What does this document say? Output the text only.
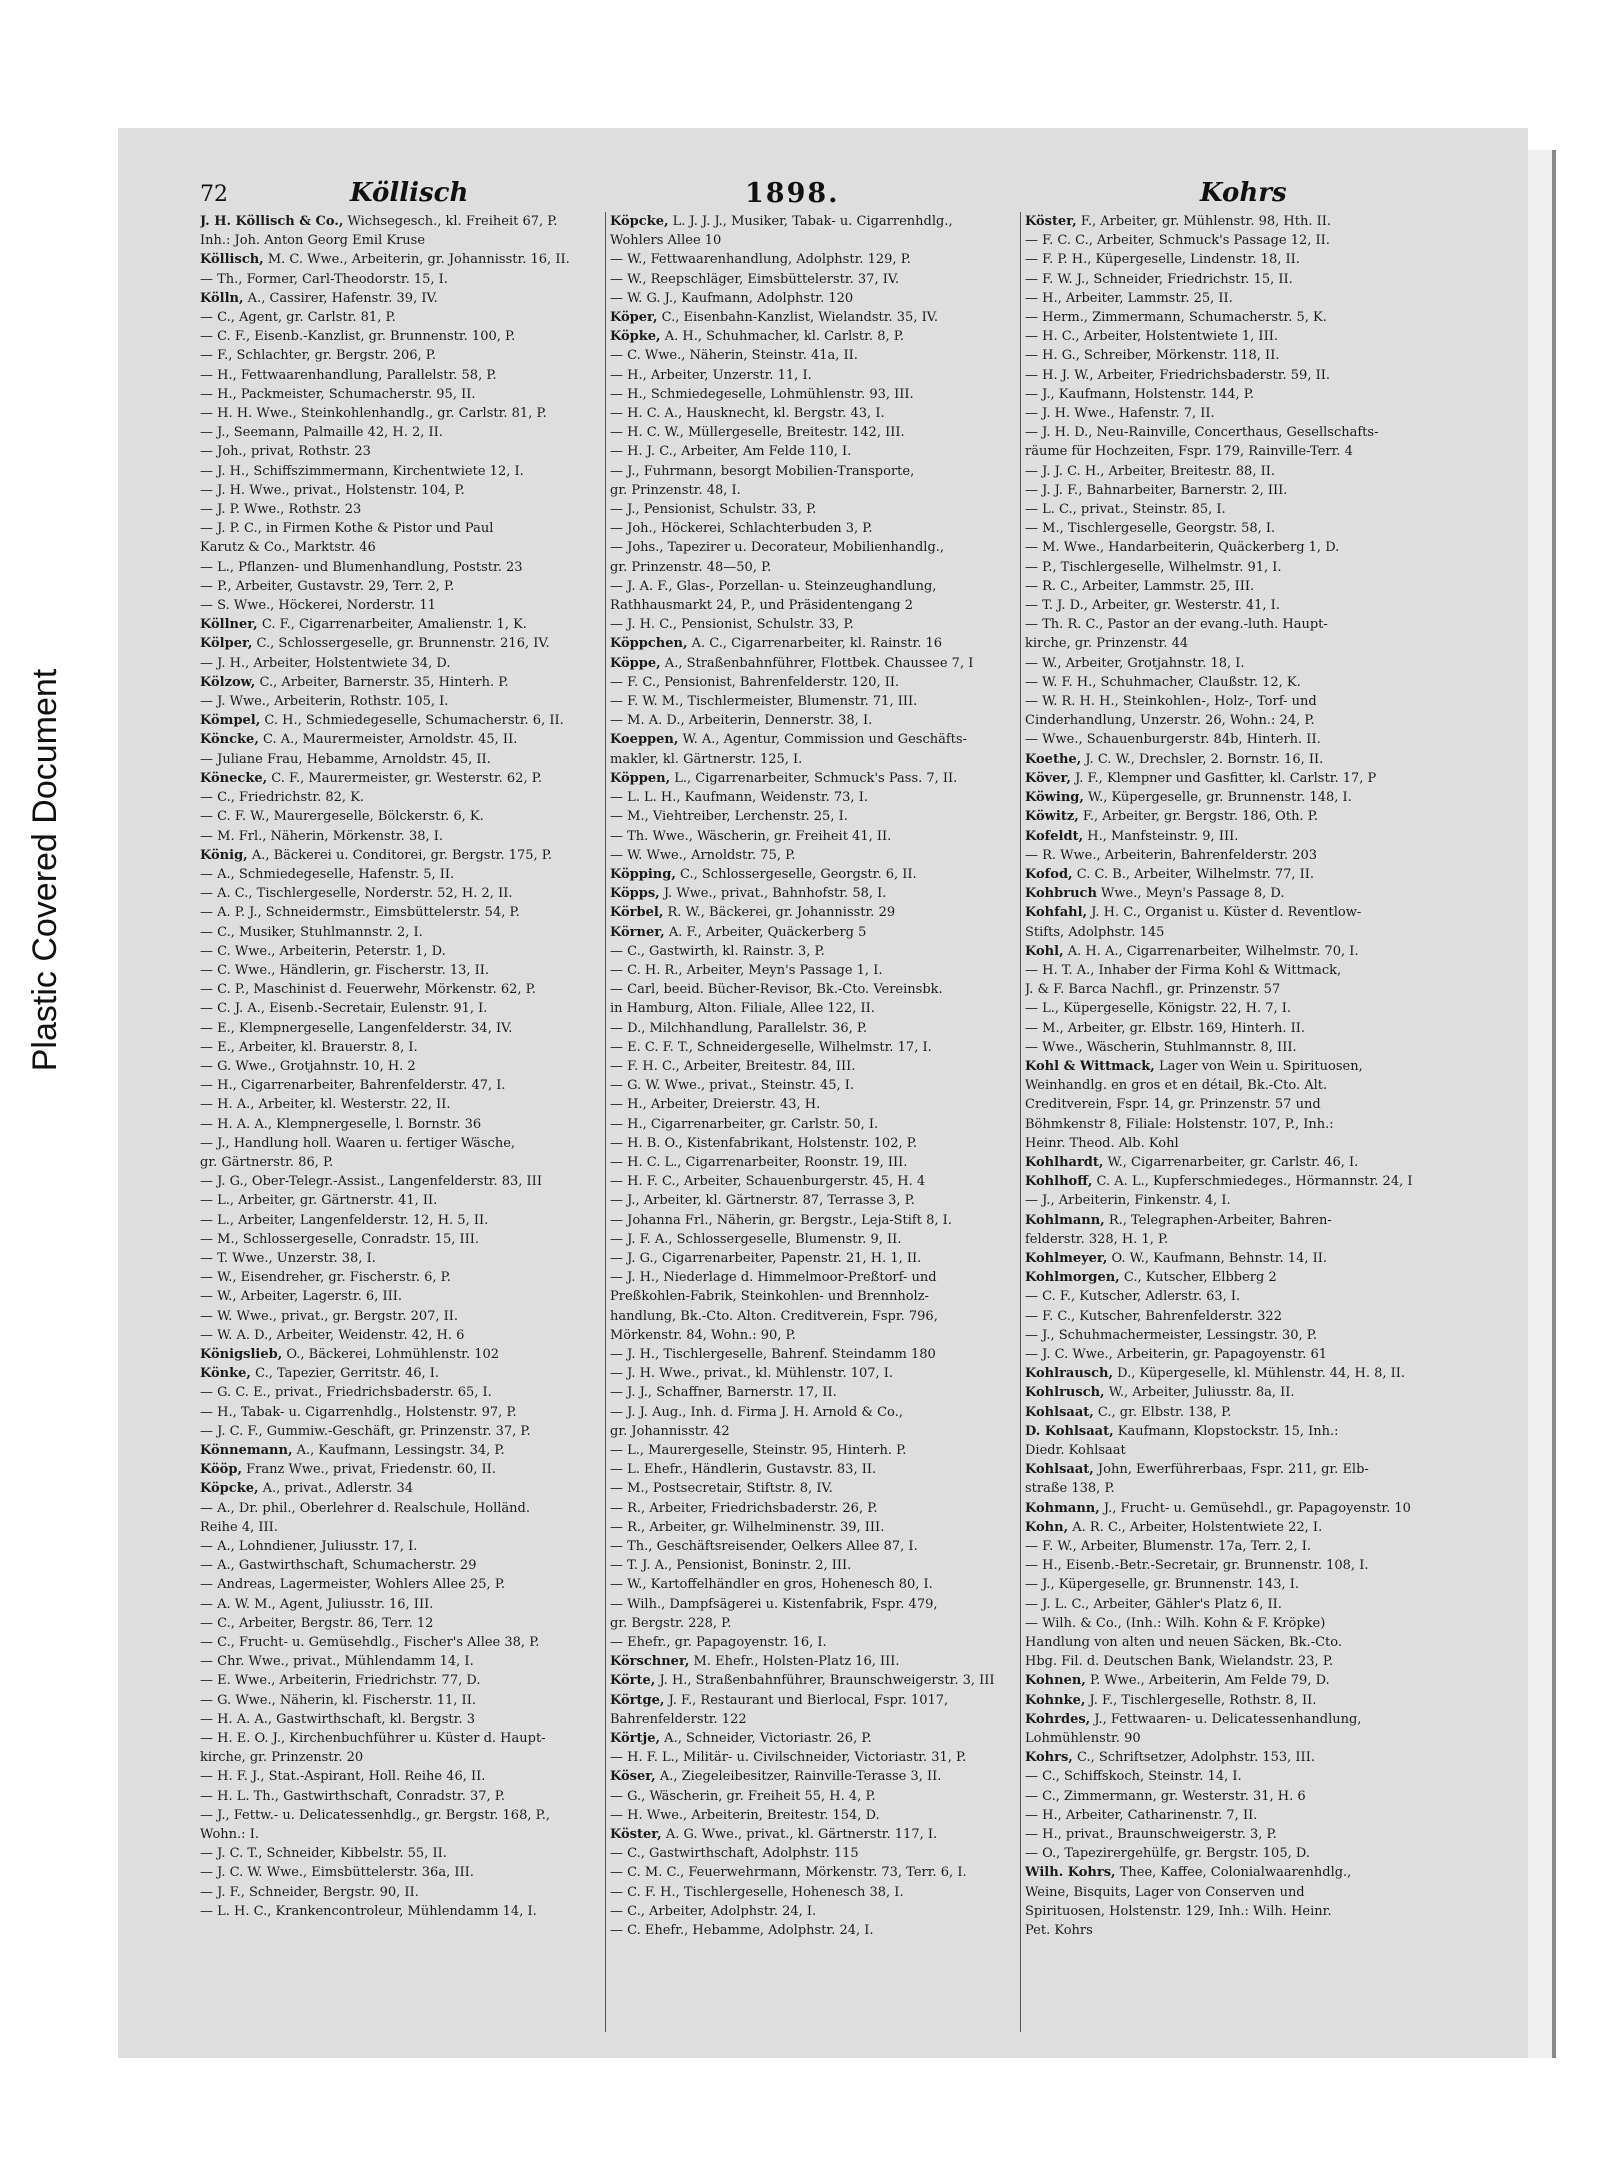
Plastic Covered Document
72	Köllisch	1898.	Kohrs
J. H. Köllisch & Co., Wichsegesch., kl. Freiheit 67, P.
Inh.: Joh. Anton Georg Emil Kruse
Köllisch, M. C. Wwe., Arbeiterin, gr. Johannisstr. 16, II.
— Th., Former, Carl-Theodorstr. 15, I.
Kölln, A., Cassirer, Hafenstr. 39, IV.
— C., Agent, gr. Carlstr. 81, P.
— C. F., Eisenb.-Kanzlist, gr. Brunnenstr. 100, P.
— F., Schlachter, gr. Bergstr. 206, P.
— H., Fettwaarenhandlung, Parallelstr. 58, P.
— H., Packmeister, Schumacherstr. 95, II.
— H. H. Wwe., Steinkohlenhandlg., gr. Carlstr. 81, P.
— J., Seemann, Palmaille 42, H. 2, II.
— Joh., privat, Rothstr. 23
— J. H., Schiffszimmermann, Kirchentwiete 12, I.
— J. H. Wwe., privat., Holstenstr. 104, P.
— J. P. Wwe., Rothstr. 23
— J. P. C., in Firmen Kothe & Pistor und Paul
Karutz & Co., Marktstr. 46
— L., Pflanzen- und Blumenhandlung, Poststr. 23
— P., Arbeiter, Gustavstr. 29, Terr. 2, P.
— S. Wwe., Höckerei, Norderstr. 11
Köllner, C. F., Cigarrenarbeiter, Amalienstr. 1, K.
Kölper, C., Schlossergeselle, gr. Brunnenstr. 216, IV.
— J. H., Arbeiter, Holstentwiete 34, D.
Kölzow, C., Arbeiter, Barnerstr. 35, Hinterh. P.
— J. Wwe., Arbeiterin, Rothstr. 105, I.
Kömpel, C. H., Schmiedegeselle, Schumacherstr. 6, II.
Köncke, C. A., Maurermeister, Arnoldstr. 45, II.
— Juliane Frau, Hebamme, Arnoldstr. 45, II.
Könecke, C. F., Maurermeister, gr. Westerstr. 62, P.
— C., Friedrichstr. 82, K.
— C. F. W., Maurergeselle, Bölckerstr. 6, K.
— M. Frl., Näherin, Mörkenstr. 38, I.
König, A., Bäckerei u. Conditorei, gr. Bergstr. 175, P.
— A., Schmiedegeselle, Hafenstr. 5, II.
— A. C., Tischlergeselle, Norderstr. 52, H. 2, II.
— A. P. J., Schneidermstr., Eimsbüttelerstr. 54, P.
— C., Musiker, Stuhlmannstr. 2, I.
— C. Wwe., Arbeiterin, Peterstr. 1, D.
— C. Wwe., Händlerin, gr. Fischerstr. 13, II.
— C. P., Maschinist d. Feuerwehr, Mörkenstr. 62, P.
— C. J. A., Eisenb.-Secretair, Eulenstr. 91, I.
— E., Klempnergeselle, Langenfelderstr. 34, IV.
— E., Arbeiter, kl. Brauerstr. 8, I.
— G. Wwe., Grotjahnstr. 10, H. 2
— H., Cigarrenarbeiter, Bahrenfelderstr. 47, I.
— H. A., Arbeiter, kl. Westerstr. 22, II.
— H. A. A., Klempnergeselle, l. Bornstr. 36
— J., Handlung holl. Waaren u. fertiger Wäsche,
gr. Gärtnerstr. 86, P.
— J. G., Ober-Telegr.-Assist., Langenfelderstr. 83, III
— L., Arbeiter, gr. Gärtnerstr. 41, II.
— L., Arbeiter, Langenfelderstr. 12, H. 5, II.
— M., Schlossergeselle, Conradstr. 15, III.
— T. Wwe., Unzerstr. 38, I.
— W., Eisendreher, gr. Fischerstr. 6, P.
— W., Arbeiter, Lagerstr. 6, III.
— W. Wwe., privat., gr. Bergstr. 207, II.
— W. A. D., Arbeiter, Weidenstr. 42, H. 6
Königslieb, O., Bäckerei, Lohmühlenstr. 102
Könke, C., Tapezier, Gerritstr. 46, I.
— G. C. E., privat., Friedrichsbaderstr. 65, I.
— H., Tabak- u. Cigarrenhdlg., Holstenstr. 97, P.
— J. C. F., Gummiw.-Geschäft, gr. Prinzenstr. 37, P.
Könnemann, A., Kaufmann, Lessingstr. 34, P.
Kööp, Franz Wwe., privat, Friedenstr. 60, II.
Köpcke, A., privat., Adlerstr. 34
— A., Dr. phil., Oberlehrer d. Realschule, Holländ.
Reihe 4, III.
— A., Lohndiener, Juliusstr. 17, I.
— A., Gastwirthschaft, Schumacherstr. 29
— Andreas, Lagermeister, Wohlers Allee 25, P.
— A. W. M., Agent, Juliusstr. 16, III.
— C., Arbeiter, Bergstr. 86, Terr. 12
— C., Frucht- u. Gemüsehdlg., Fischer's Allee 38, P.
— Chr. Wwe., privat., Mühlendamm 14, I.
— E. Wwe., Arbeiterin, Friedrichstr. 77, D.
— G. Wwe., Näherin, kl. Fischerstr. 11, II.
— H. A. A., Gastwirthschaft, kl. Bergstr. 3
— H. E. O. J., Kirchenbuchführer u. Küster d. Haupt-
kirche, gr. Prinzenstr. 20
— H. F. J., Stat.-Aspirant, Holl. Reihe 46, II.
— H. L. Th., Gastwirthschaft, Conradstr. 37, P.
— J., Fettw.- u. Delicatessenhdlg., gr. Bergstr. 168, P.,
Wohn.: I.
— J. C. T., Schneider, Kibbelstr. 55, II.
— J. C. W. Wwe., Eimsbüttelerstr. 36a, III.
— J. F., Schneider, Bergstr. 90, II.
— L. H. C., Krankencontroleur, Mühlendamm 14, I.
Köpcke, L. J. J. J., Musiker, Tabak- u. Cigarrenhdlg.,
Wohlers Allee 10
— W., Fettwaarenhandlung, Adolphstr. 129, P.
— W., Reepschläger, Eimsbüttelerstr. 37, IV.
— W. G. J., Kaufmann, Adolphstr. 120
Köper, C., Eisenbahn-Kanzlist, Wielandstr. 35, IV.
Köpke, A. H., Schuhmacher, kl. Carlstr. 8, P.
— C. Wwe., Näherin, Steinstr. 41a, II.
— H., Arbeiter, Unzerstr. 11, I.
— H., Schmiedegeselle, Lohmühlenstr. 93, III.
— H. C. A., Hausknecht, kl. Bergstr. 43, I.
— H. C. W., Müllergeselle, Breitestr. 142, III.
— H. J. C., Arbeiter, Am Felde 110, I.
— J., Fuhrmann, besorgt Mobilien-Transporte,
gr. Prinzenstr. 48, I.
— J., Pensionist, Schulstr. 33, P.
— Joh., Höckerei, Schlachterbuden 3, P.
— Johs., Tapezirer u. Decorateur, Mobilienhandlg.,
gr. Prinzenstr. 48—50, P.
— J. A. F., Glas-, Porzellan- u. Steinzeughandlung,
Rathhausmarkt 24, P., und Präsidentengang 2
— J. H. C., Pensionist, Schulstr. 33, P.
Köppchen, A. C., Cigarrenarbeiter, kl. Rainstr. 16
Köppe, A., Straßenbahnführer, Flottbek. Chaussee 7, I
— F. C., Pensionist, Bahrenfelderstr. 120, II.
— F. W. M., Tischlermeister, Blumenstr. 71, III.
— M. A. D., Arbeiterin, Dennerstr. 38, I.
Koeppen, W. A., Agentur, Commission und Geschäfts-
makler, kl. Gärtnerstr. 125, I.
Köppen, L., Cigarrenarbeiter, Schmuck's Pass. 7, II.
— L. L. H., Kaufmann, Weidenstr. 73, I.
— M., Viehtreiber, Lerchenstr. 25, I.
— Th. Wwe., Wäscherin, gr. Freiheit 41, II.
— W. Wwe., Arnoldstr. 75, P.
Köpping, C., Schlossergeselle, Georgstr. 6, II.
Köpps, J. Wwe., privat., Bahnhofstr. 58, I.
Körbel, R. W., Bäckerei, gr. Johannisstr. 29
Körner, A. F., Arbeiter, Quäckerberg 5
— C., Gastwirth, kl. Rainstr. 3, P.
— C. H. R., Arbeiter, Meyn's Passage 1, I.
— Carl, beeid. Bücher-Revisor, Bk.-Cto. Vereinsbk.
in Hamburg, Alton. Filiale, Allee 122, II.
— D., Milchhandlung, Parallelstr. 36, P.
— E. C. F. T., Schneidergeselle, Wilhelmstr. 17, I.
— F. H. C., Arbeiter, Breitestr. 84, III.
— G. W. Wwe., privat., Steinstr. 45, I.
— H., Arbeiter, Dreierstr. 43, H.
— H., Cigarrenarbeiter, gr. Carlstr. 50, I.
— H. B. O., Kistenfabrikant, Holstenstr. 102, P.
— H. C. L., Cigarrenarbeiter, Roonstr. 19, III.
— H. F. C., Arbeiter, Schauenburgerstr. 45, H. 4
— J., Arbeiter, kl. Gärtnerstr. 87, Terrasse 3, P.
— Johanna Frl., Näherin, gr. Bergstr., Leja-Stift 8, I.
— J. F. A., Schlossergeselle, Blumenstr. 9, II.
— J. G., Cigarrenarbeiter, Papenstr. 21, H. 1, II.
— J. H., Niederlage d. Himmelmoor-Preßtorf- und
Preßkohlen-Fabrik, Steinkohlen- und Brennholz-
handlung, Bk.-Cto. Alton. Creditverein, Fspr. 796,
Mörkenstr. 84, Wohn.: 90, P.
— J. H., Tischlergeselle, Bahrenf. Steindamm 180
— J. H. Wwe., privat., kl. Mühlenstr. 107, I.
— J. J., Schaffner, Barnerstr. 17, II.
— J. J. Aug., Inh. d. Firma J. H. Arnold & Co.,
gr. Johannisstr. 42
— L., Maurergeselle, Steinstr. 95, Hinterh. P.
— L. Ehefr., Händlerin, Gustavstr. 83, II.
— M., Postsecretair, Stiftstr. 8, IV.
— R., Arbeiter, Friedrichsbaderstr. 26, P.
— R., Arbeiter, gr. Wilhelminenstr. 39, III.
— Th., Geschäftsreisender, Oelkers Allee 87, I.
— T. J. A., Pensionist, Boninstr. 2, III.
— W., Kartoffelhändler en gros, Hohenesch 80, I.
— Wilh., Dampfsägerei u. Kistenfabrik, Fspr. 479,
gr. Bergstr. 228, P.
— Ehefr., gr. Papagoyenstr. 16, I.
Körschner, M. Ehefr., Holsten-Platz 16, III.
Körte, J. H., Straßenbahnführer, Braunschweigerstr. 3, III
Körtge, J. F., Restaurant und Bierlocal, Fspr. 1017,
Bahrenfelderstr. 122
Körtje, A., Schneider, Victoriastr. 26, P.
— H. F. L., Militär- u. Civilschneider, Victoriastr. 31, P.
Köser, A., Ziegeleibesitzer, Rainville-Terasse 3, II.
— G., Wäscherin, gr. Freiheit 55, H. 4, P.
— H. Wwe., Arbeiterin, Breitestr. 154, D.
Köster, A. G. Wwe., privat., kl. Gärtnerstr. 117, I.
— C., Gastwirthschaft, Adolphstr. 115
— C. M. C., Feuerwehrmann, Mörkenstr. 73, Terr. 6, I.
— C. F. H., Tischlergeselle, Hohenesch 38, I.
— C., Arbeiter, Adolphstr. 24, I.
— C. Ehefr., Hebamme, Adolphstr. 24, I.
Köster, F., Arbeiter, gr. Mühlenstr. 98, Hth. II.
— F. C. C., Arbeiter, Schmuck's Passage 12, II.
— F. P. H., Küpergeselle, Lindenstr. 18, II.
— F. W. J., Schneider, Friedrichstr. 15, II.
— H., Arbeiter, Lammstr. 25, II.
— Herm., Zimmermann, Schumacherstr. 5, K.
— H. C., Arbeiter, Holstentwiete 1, III.
— H. G., Schreiber, Mörkenstr. 118, II.
— H. J. W., Arbeiter, Friedrichsbaderstr. 59, II.
— J., Kaufmann, Holstenstr. 144, P.
— J. H. Wwe., Hafenstr. 7, II.
— J. H. D., Neu-Rainville, Concerthaus, Gesellschafts-
räume für Hochzeiten, Fspr. 179, Rainville-Terr. 4
— J. J. C. H., Arbeiter, Breitestr. 88, II.
— J. J. F., Bahnarbeiter, Barnerstr. 2, III.
— L. C., privat., Steinstr. 85, I.
— M., Tischlergeselle, Georgstr. 58, I.
— M. Wwe., Handarbeiterin, Quäckerberg 1, D.
— P., Tischlergeselle, Wilhelmstr. 91, I.
— R. C., Arbeiter, Lammstr. 25, III.
— T. J. D., Arbeiter, gr. Westerstr. 41, I.
— Th. R. C., Pastor an der evang.-luth. Haupt-
kirche, gr. Prinzenstr. 44
— W., Arbeiter, Grotjahnstr. 18, I.
— W. F. H., Schuhmacher, Claußstr. 12, K.
— W. R. H. H., Steinkohlen-, Holz-, Torf- und
Cinderhandlung, Unzerstr. 26, Wohn.: 24, P.
— Wwe., Schauenburgerstr. 84b, Hinterh. II.
Koethe, J. C. W., Drechsler, 2. Bornstr. 16, II.
Köver, J. F., Klempner und Gasfitter, kl. Carlstr. 17, P
Köwing, W., Küpergeselle, gr. Brunnenstr. 148, I.
Köwitz, F., Arbeiter, gr. Bergstr. 186, Oth. P.
Kofeldt, H., Manfsteinstr. 9, III.
— R. Wwe., Arbeiterin, Bahrenfelderstr. 203
Kofod, C. C. B., Arbeiter, Wilhelmstr. 77, II.
Kohbruch Wwe., Meyn's Passage 8, D.
Kohfahl, J. H. C., Organist u. Küster d. Reventlow-
Stifts, Adolphstr. 145
Kohl, A. H. A., Cigarrenarbeiter, Wilhelmstr. 70, I.
— H. T. A., Inhaber der Firma Kohl & Wittmack,
J. & F. Barca Nachfl., gr. Prinzenstr. 57
— L., Küpergeselle, Königstr. 22, H. 7, I.
— M., Arbeiter, gr. Elbstr. 169, Hinterh. II.
— Wwe., Wäscherin, Stuhlmannstr. 8, III.
Kohl & Wittmack, Lager von Wein u. Spirituosen,
Weinhandlg. en gros et en détail, Bk.-Cto. Alt.
Creditverein, Fspr. 14, gr. Prinzenstr. 57 und
Böhmkenstr 8, Filiale: Holstenstr. 107, P., Inh.:
Heinr. Theod. Alb. Kohl
Kohlhardt, W., Cigarrenarbeiter, gr. Carlstr. 46, I.
Kohlhoff, C. A. L., Kupferschmiedeges., Hörmannstr. 24, I
— J., Arbeiterin, Finkenstr. 4, I.
Kohlmann, R., Telegraphen-Arbeiter, Bahren-
felderstr. 328, H. 1, P.
Kohlmeyer, O. W., Kaufmann, Behnstr. 14, II.
Kohlmorgen, C., Kutscher, Elbberg 2
— C. F., Kutscher, Adlerstr. 63, I.
— F. C., Kutscher, Bahrenfelderstr. 322
— J., Schuhmachermeister, Lessingstr. 30, P.
— J. C. Wwe., Arbeiterin, gr. Papagoyenstr. 61
Kohlrausch, D., Küpergeselle, kl. Mühlenstr. 44, H. 8, II.
Kohlrusch, W., Arbeiter, Juliusstr. 8a, II.
Kohlsaat, C., gr. Elbstr. 138, P.
D. Kohlsaat, Kaufmann, Klopstockstr. 15, Inh.:
Diedr. Kohlsaat
Kohlsaat, John, Ewerführerbaas, Fspr. 211, gr. Elb-
straße 138, P.
Kohmann, J., Frucht- u. Gemüsehdl., gr. Papagoyenstr. 10
Kohn, A. R. C., Arbeiter, Holstentwiete 22, I.
— F. W., Arbeiter, Blumenstr. 17a, Terr. 2, I.
— H., Eisenb.-Betr.-Secretair, gr. Brunnenstr. 108, I.
— J., Küpergeselle, gr. Brunnenstr. 143, I.
— J. L. C., Arbeiter, Gähler's Platz 6, II.
— Wilh. & Co., (Inh.: Wilh. Kohn & F. Kröpke)
Handlung von alten und neuen Säcken, Bk.-Cto.
Hbg. Fil. d. Deutschen Bank, Wielandstr. 23, P.
Kohnen, P. Wwe., Arbeiterin, Am Felde 79, D.
Kohnke, J. F., Tischlergeselle, Rothstr. 8, II.
Kohrdes, J., Fettwaaren- u. Delicatessenhandlung,
Lohmühlenstr. 90
Kohrs, C., Schriftsetzer, Adolphstr. 153, III.
— C., Schiffskoch, Steinstr. 14, I.
— C., Zimmermann, gr. Westerstr. 31, H. 6
— H., Arbeiter, Catharinenstr. 7, II.
— H., privat., Braunschweigerstr. 3, P.
— O., Tapezirergehülfe, gr. Bergstr. 105, D.
Wilh. Kohrs, Thee, Kaffee, Colonialwaarenhdlg.,
Weine, Bisquits, Lager von Conserven und
Spirituosen, Holstenstr. 129, Inh.: Wilh. Heinr.
Pet. Kohrs
